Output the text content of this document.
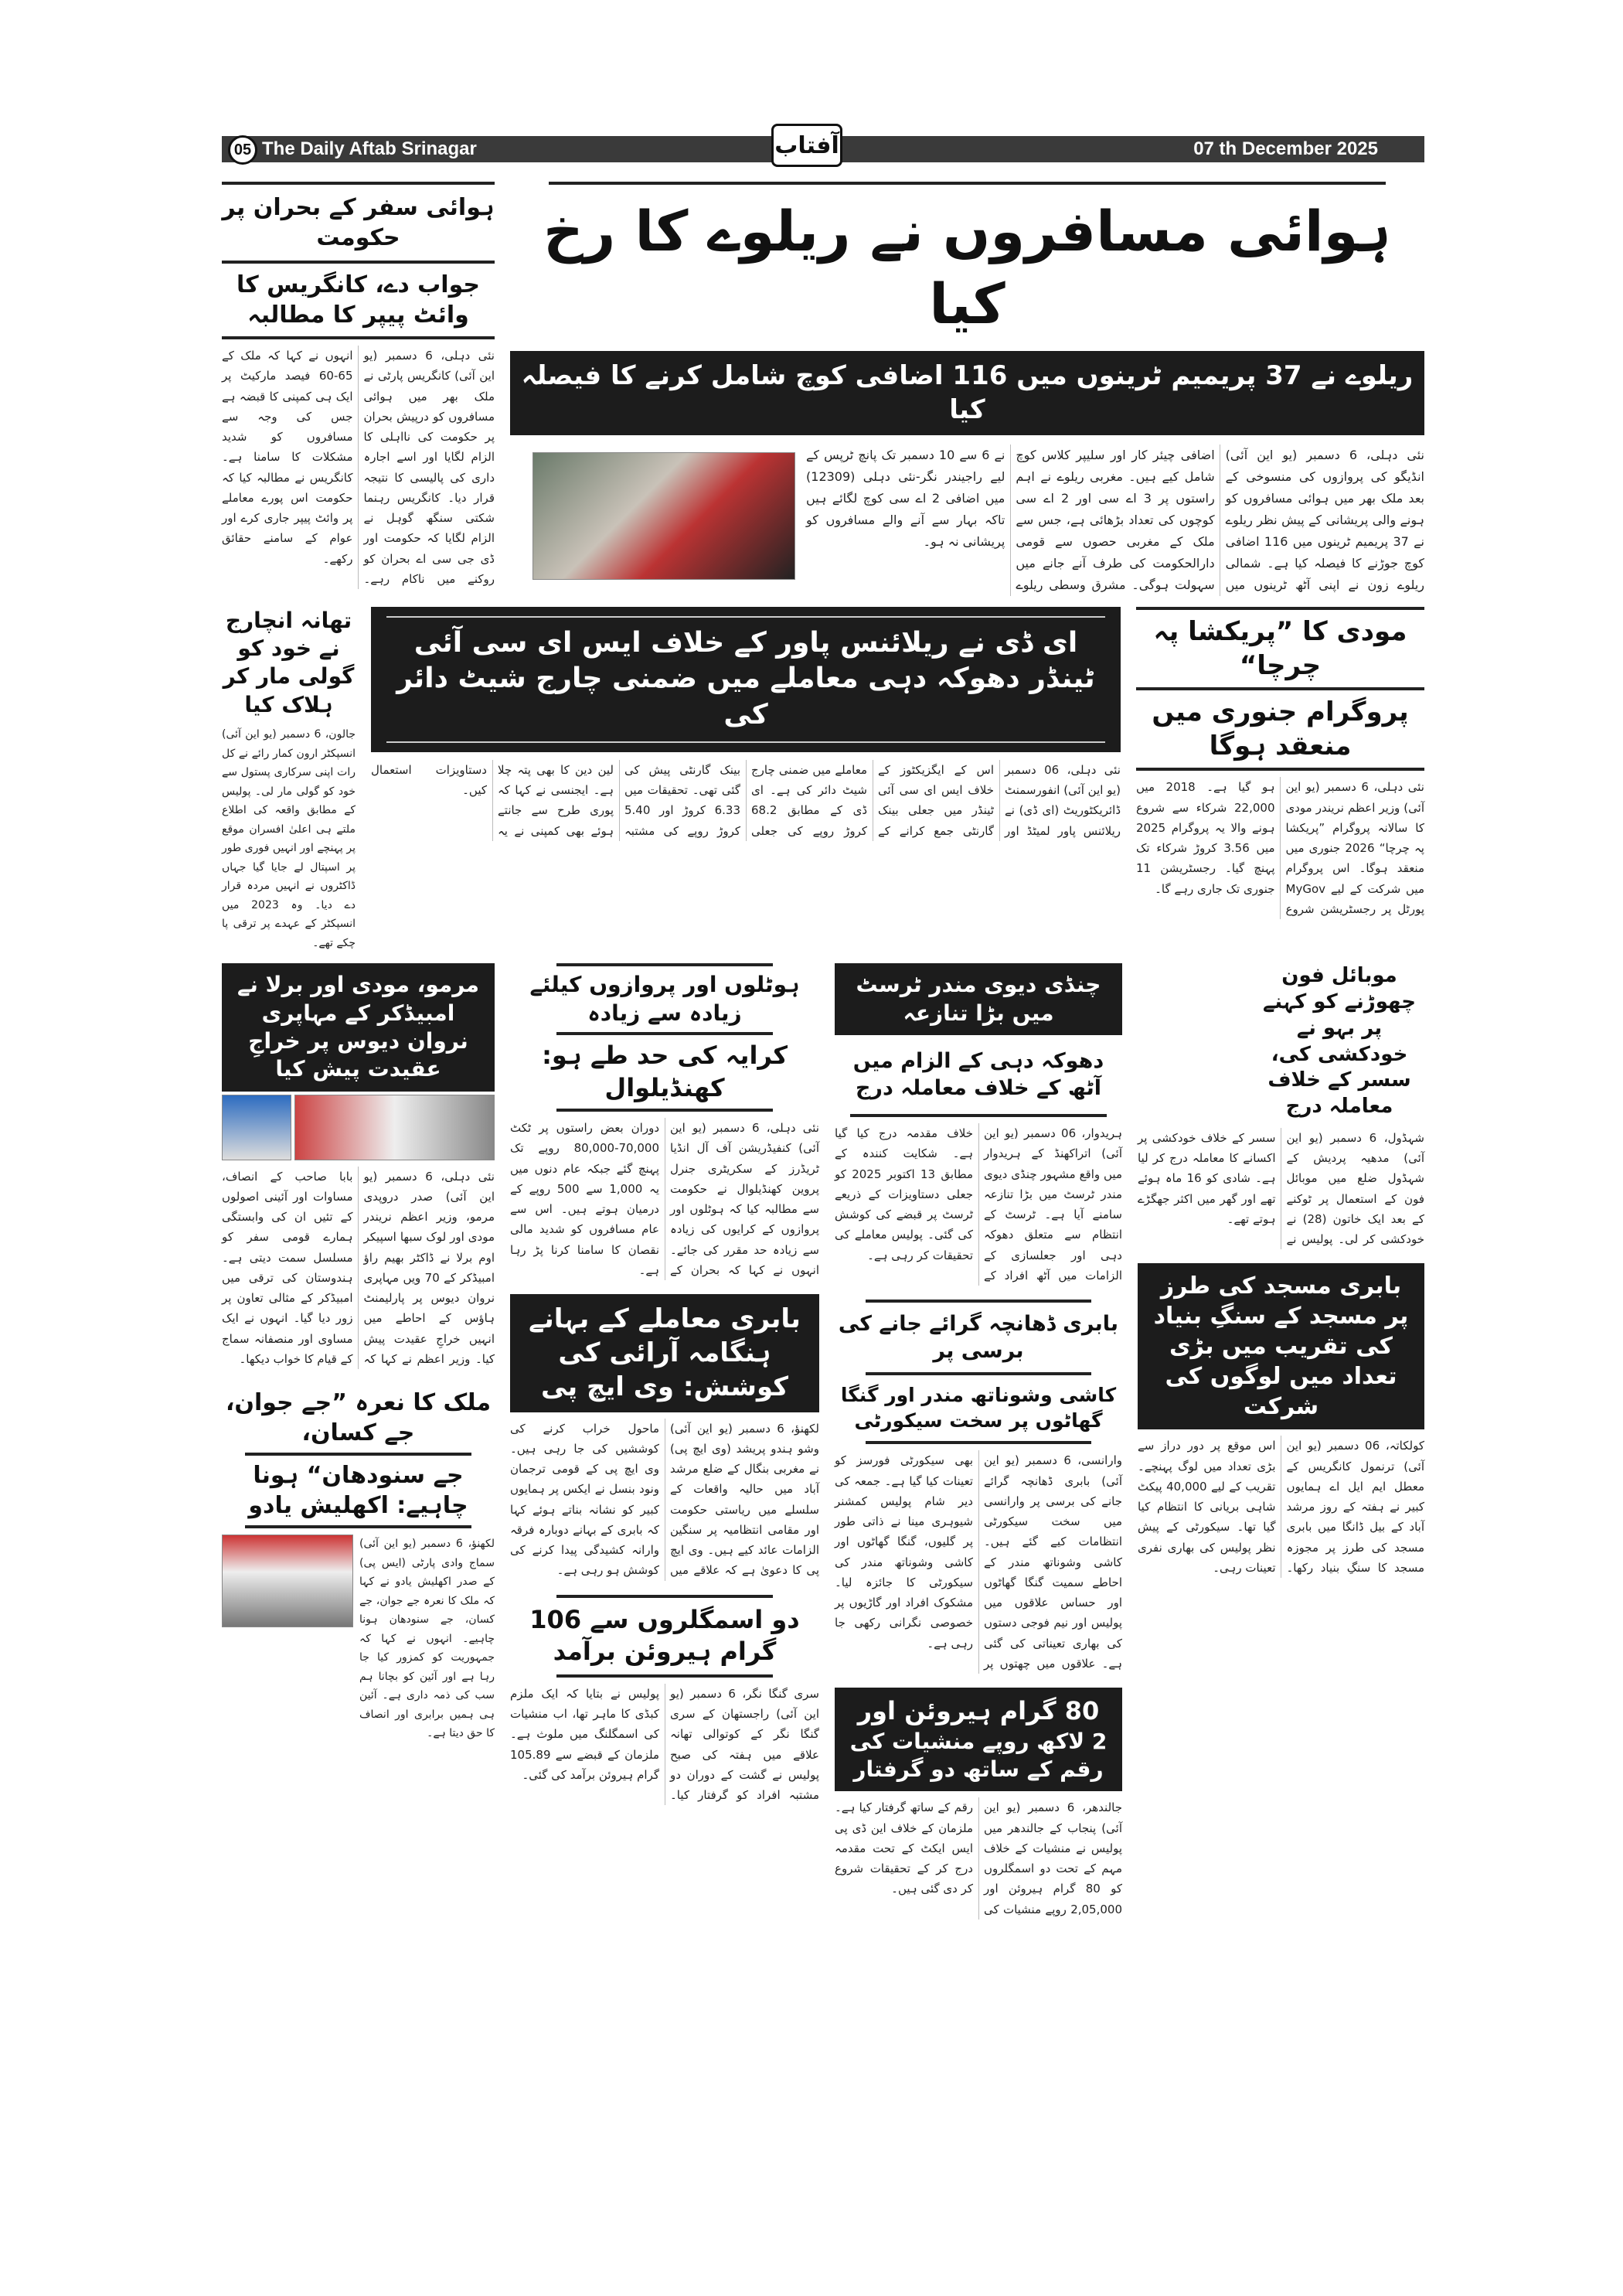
05 The Daily Aftab Srinagar	07 th December 2025
آفتاب
ہوائی سفر کے بحران پر حکومت
جواب دے، کانگریس کا وائٹ پیپر کا مطالبہ
نئی دہلی، 6 دسمبر (یو این آئی) کانگریس پارٹی نے ملک بھر میں ہوائی مسافروں کو درپیش بحران پر حکومت کی نااہلی کا الزام لگایا اور اسے اجارہ داری کی پالیسی کا نتیجہ قرار دیا۔ کانگریس رہنما شکتی سنگھ گوہل نے الزام لگایا کہ حکومت اور ڈی جی سی اے بحران کو روکنے میں ناکام رہے۔ انہوں نے کہا کہ ملک کے 65-60 فیصد مارکیٹ پر ایک ہی کمپنی کا قبضہ ہے جس کی وجہ سے مسافروں کو شدید مشکلات کا سامنا ہے۔ کانگریس نے مطالبہ کیا کہ حکومت اس پورے معاملے پر وائٹ پیپر جاری کرے اور عوام کے سامنے حقائق رکھے۔
ہوائی مسافروں نے ریلوے کا رخ کیا
ریلوے نے 37 پریمیم ٹرینوں میں 116 اضافی کوچ شامل کرنے کا فیصلہ کیا
نئی دہلی، 6 دسمبر (یو این آئی) انڈیگو کی پروازوں کی منسوخی کے بعد ملک بھر میں ہوائی مسافروں کو ہونے والی پریشانی کے پیش نظر ریلوے نے 37 پریمیم ٹرینوں میں 116 اضافی کوچ جوڑنے کا فیصلہ کیا ہے۔ شمالی ریلوے زون نے اپنی آٹھ ٹرینوں میں اضافی چیئر کار اور سلیپر کلاس کوچ شامل کیے ہیں۔ مغربی ریلوے نے اہم راستوں پر 3 اے سی اور 2 اے سی کوچوں کی تعداد بڑھائی ہے، جس سے ملک کے مغربی حصوں سے قومی دارالحکومت کی طرف آنے جانے میں سہولت ہوگی۔ مشرق وسطی ریلوے نے 6 سے 10 دسمبر تک پانچ ٹرپس کے لیے راجیندر نگر-نئی دہلی (12309) میں اضافی 2 اے سی کوچ لگائے ہیں تاکہ بہار سے آنے والے مسافروں کو پریشانی نہ ہو۔
تھانہ انچارج نے خود کو گولی مار کر ہلاک کیا
جالون، 6 دسمبر (یو این آئی) انسپکٹر ارون کمار رائے نے کل رات اپنی سرکاری پستول سے خود کو گولی مار لی۔ پولیس کے مطابق واقعہ کی اطلاع ملتے ہی اعلیٰ افسران موقع پر پہنچے اور انہیں فوری طور پر اسپتال لے جایا گیا جہاں ڈاکٹروں نے انہیں مردہ قرار دے دیا۔ وہ 2023 میں انسپکٹر کے عہدے پر ترقی پا چکے تھے۔
ای ڈی نے ریلائنس پاور کے خلاف ایس ای سی آئی ٹینڈر دھوکہ دہی معاملے میں ضمنی چارج شیٹ دائر کی
نئی دہلی، 06 دسمبر (یو این آئی) انفورسمنٹ ڈائریکٹوریٹ (ای ڈی) نے ریلائنس پاور لمیٹڈ اور اس کے ایگزیکٹوز کے خلاف ایس ای سی آئی ٹینڈر میں جعلی بینک گارنٹی جمع کرانے کے معاملے میں ضمنی چارج شیٹ دائر کی ہے۔ ای ڈی کے مطابق 68.2 کروڑ روپے کی جعلی بینک گارنٹی پیش کی گئی تھی۔ تحقیقات میں 6.33 کروڑ اور 5.40 کروڑ روپے کی مشتبہ لین دین کا بھی پتہ چلا ہے۔ ایجنسی نے کہا کہ پوری طرح سے جانتے ہوئے بھی کمپنی نے یہ دستاویزات استعمال کیں۔
مودی کا ”پریکشا پہ چرچا“
پروگرام جنوری میں منعقد ہوگا
نئی دہلی، 6 دسمبر (یو این آئی) وزیر اعظم نریندر مودی کا سالانہ پروگرام ”پریکشا پہ چرچا“ 2026 جنوری میں منعقد ہوگا۔ اس پروگرام میں شرکت کے لیے MyGov پورٹل پر رجسٹریشن شروع ہو گیا ہے۔ 2018 میں 22,000 شرکاء سے شروع ہونے والا یہ پروگرام 2025 میں 3.56 کروڑ شرکاء تک پہنچ گیا۔ رجسٹریشن 11 جنوری تک جاری رہے گا۔
مرمو، مودی اور برلا نے امبیڈکر کے مہاپری نروان دیوس پر خراجِ عقیدت پیش کیا
نئی دہلی، 6 دسمبر (یو این آئی) صدر دروپدی مرمو، وزیر اعظم نریندر مودی اور لوک سبھا اسپیکر اوم برلا نے ڈاکٹر بھیم راؤ امبیڈکر کے 70 ویں مہاپری نروان دیوس پر پارلیمنٹ ہاؤس کے احاطے میں انہیں خراجِ عقیدت پیش کیا۔ وزیر اعظم نے کہا کہ بابا صاحب کے انصاف، مساوات اور آئینی اصولوں کے تئیں ان کی وابستگی ہمارے قومی سفر کو مسلسل سمت دیتی ہے۔ ہندوستان کی ترقی میں امبیڈکر کے مثالی تعاون پر زور دیا گیا۔ انہوں نے ایک مساوی اور منصفانہ سماج کے قیام کا خواب دیکھا۔
ملک کا نعرہ ”جے جوان، جے کسان،
جے سنودھان“ ہونا چاہیے: اکھلیش یادو
لکھنؤ، 6 دسمبر (یو این آئی) سماج وادی پارٹی (ایس پی) کے صدر اکھلیش یادو نے کہا کہ ملک کا نعرہ جے جوان، جے کسان، جے سنودھان ہونا چاہیے۔ انہوں نے کہا کہ جمہوریت کو کمزور کیا جا رہا ہے اور آئین کو بچانا ہم سب کی ذمہ داری ہے۔ آئین ہی ہمیں برابری اور انصاف کا حق دیتا ہے۔
ہوٹلوں اور پروازوں کیلئے زیادہ سے زیادہ
کرایہ کی حد طے ہو: کھنڈیلوال
نئی دہلی، 6 دسمبر (یو این آئی) کنفیڈریشن آف آل انڈیا ٹریڈرز کے سکریٹری جنرل پروین کھنڈیلوال نے حکومت سے مطالبہ کیا کہ ہوٹلوں اور پروازوں کے کرایوں کی زیادہ سے زیادہ حد مقرر کی جائے۔ انہوں نے کہا کہ بحران کے دوران بعض راستوں پر ٹکٹ 70,000-80,000 روپے تک پہنچ گئے جبکہ عام دنوں میں یہ 1,000 سے 500 روپے کے درمیان ہوتے ہیں۔ اس سے عام مسافروں کو شدید مالی نقصان کا سامنا کرنا پڑ رہا ہے۔
بابری معاملے کے بہانے
ہنگامہ آرائی کی کوشش: وی ایچ پی
لکھنؤ، 6 دسمبر (یو این آئی) وشو ہندو پریشد (وی ایچ پی) نے مغربی بنگال کے ضلع مرشد آباد میں حالیہ واقعات کے سلسلے میں ریاستی حکومت اور مقامی انتظامیہ پر سنگین الزامات عائد کیے ہیں۔ وی ایچ پی کا دعویٰ ہے کہ علاقے میں ماحول خراب کرنے کی کوششیں کی جا رہی ہیں۔ وی ایچ پی کے قومی ترجمان ونود بنسل نے ایکس پر ہمایوں کبیر کو نشانہ بناتے ہوئے کہا کہ بابری کے بہانے دوبارہ فرقہ وارانہ کشیدگی پیدا کرنے کی کوشش ہو رہی ہے۔
دو اسمگلروں سے 106 گرام ہیروئن برآمد
سری گنگا نگر، 6 دسمبر (یو این آئی) راجستھان کے سری گنگا نگر کے کوتوالی تھانہ علاقے میں ہفتہ کی صبح پولیس نے گشت کے دوران دو مشتبہ افراد کو گرفتار کیا۔ پولیس نے بتایا کہ ایک ملزم کبڈی کا ماہر تھا، اب منشیات کی اسمگلنگ میں ملوث ہے۔ ملزمان کے قبضے سے 105.89 گرام ہیروئن برآمد کی گئی۔
چنڈی دیوی مندر ٹرسٹ میں بڑا تنازعہ
دھوکہ دہی کے الزام میں آٹھ کے خلاف معاملہ درج
ہریدوار، 06 دسمبر (یو این آئی) اتراکھنڈ کے ہریدوار میں واقع مشہور چنڈی دیوی مندر ٹرسٹ میں بڑا تنازعہ سامنے آیا ہے۔ ٹرسٹ کے انتظام سے متعلق دھوکہ دہی اور جعلسازی کے الزامات میں آٹھ افراد کے خلاف مقدمہ درج کیا گیا ہے۔ شکایت کنندہ کے مطابق 13 اکتوبر 2025 کو جعلی دستاویزات کے ذریعے ٹرسٹ پر قبضے کی کوشش کی گئی۔ پولیس معاملے کی تحقیقات کر رہی ہے۔
بابری ڈھانچہ گرائے جانے کی برسی پر
کاشی وشوناتھ مندر اور گنگا گھاٹوں پر سخت سیکورٹی
وارانسی، 6 دسمبر (یو این آئی) بابری ڈھانچہ گرائے جانے کی برسی پر وارانسی میں سخت سیکورٹی انتظامات کیے گئے ہیں۔ کاشی وشوناتھ مندر کے احاطے سمیت گنگا گھاٹوں اور حساس علاقوں میں پولیس اور نیم فوجی دستوں کی بھاری تعیناتی کی گئی ہے۔ علاقوں میں چھتوں پر بھی سیکورٹی فورسز کو تعینات کیا گیا ہے۔ جمعہ کی دیر شام پولیس کمشنر شیوہری مینا نے ذاتی طور پر گلیوں، گنگا گھاٹوں اور کاشی وشوناتھ مندر کی سیکورٹی کا جائزہ لیا۔ مشکوک افراد اور گاڑیوں پر خصوصی نگرانی رکھی جا رہی ہے۔
80 گرام ہیروئن اور
2 لاکھ روپے منشیات کی رقم کے ساتھ دو گرفتار
جالندھر، 6 دسمبر (یو این آئی) پنجاب کے جالندھر میں پولیس نے منشیات کے خلاف مہم کے تحت دو اسمگلروں کو 80 گرام ہیروئن اور 2,05,000 روپے منشیات کی رقم کے ساتھ گرفتار کیا ہے۔ ملزمان کے خلاف این ڈی پی ایس ایکٹ کے تحت مقدمہ درج کر کے تحقیقات شروع کر دی گئی ہیں۔
موبائل فون چھوڑنے کو کہنے پر بہو نے خودکشی کی، سسر کے خلاف معاملہ درج
شہڈول، 6 دسمبر (یو این آئی) مدھیہ پردیش کے شہڈول ضلع میں موبائل فون کے استعمال پر ٹوکنے کے بعد ایک خاتون (28) نے خودکشی کر لی۔ پولیس نے سسر کے خلاف خودکشی پر اکسانے کا معاملہ درج کر لیا ہے۔ شادی کو 16 ماہ ہوئے تھے اور گھر میں اکثر جھگڑے ہوتے تھے۔
بابری مسجد کی طرز پر مسجد کے سنگِ بنیاد کی تقریب میں بڑی تعداد میں لوگوں کی شرکت
کولکاتہ، 06 دسمبر (یو این آئی) ترنمول کانگریس کے معطل ایم ایل اے ہمایوں کبیر نے ہفتہ کے روز مرشد آباد کے بیل ڈانگا میں بابری مسجد کی طرز پر مجوزہ مسجد کا سنگِ بنیاد رکھا۔ اس موقع پر دور دراز سے بڑی تعداد میں لوگ پہنچے۔ تقریب کے لیے 40,000 پیکٹ شاہی بریانی کا انتظام کیا گیا تھا۔ سیکورٹی کے پیش نظر پولیس کی بھاری نفری تعینات رہی۔
